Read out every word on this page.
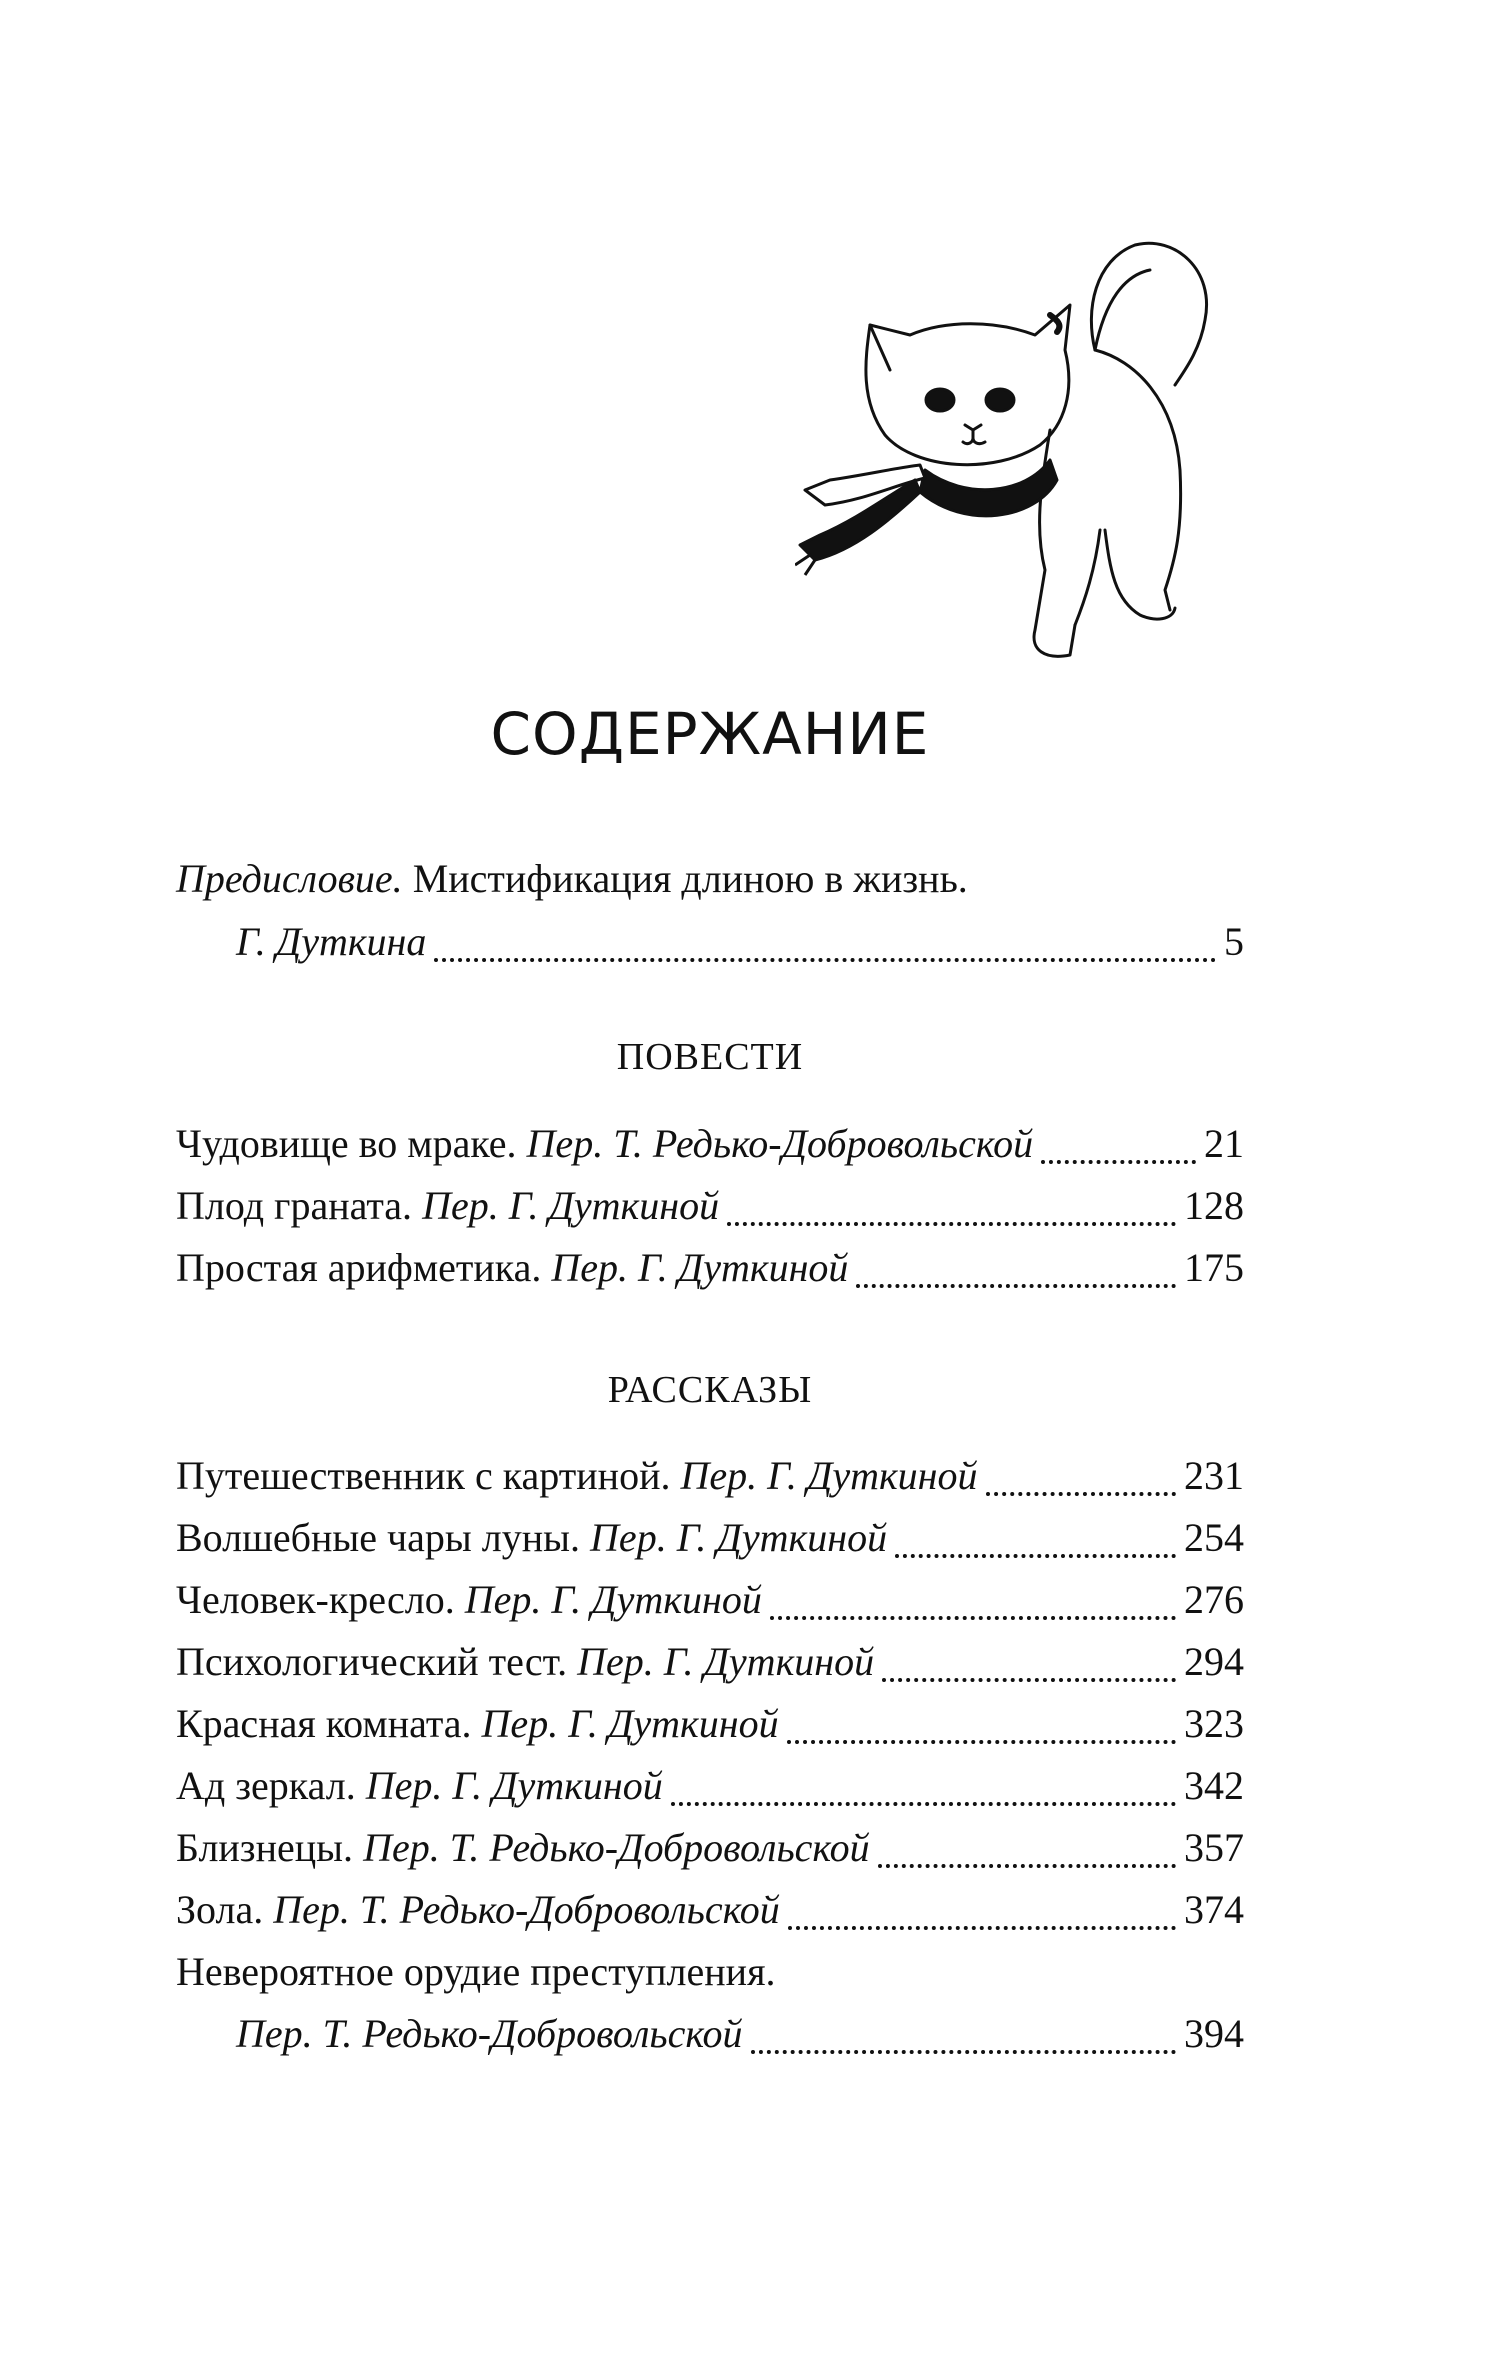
СОДЕРЖАНИЕ
Предисловие.
Мистификация длиною в жизнь.
Г. Дуткина	5
ПОВЕСТИ
Чудовище во мраке.
Пер. Т. Редько-Добровольской	21
Плод граната.
Пер. Г. Дуткиной	128
Простая арифметика.
Пер. Г. Дуткиной	175
РАССКАЗЫ
Путешественник с картиной.
Пер. Г. Дуткиной	231
Волшебные чары луны.
Пер. Г. Дуткиной	254
Человек-кресло.
Пер. Г. Дуткиной	276
Психологический тест.
Пер. Г. Дуткиной	294
Красная комната.
Пер. Г. Дуткиной	323
Ад зеркал.
Пер. Г. Дуткиной	342
Близнецы.
Пер. Т. Редько-Добровольской	357
Зола.
Пер. Т. Редько-Добровольской	374
Невероятное орудие преступления.
Пер. Т. Редько-Добровольской	394
